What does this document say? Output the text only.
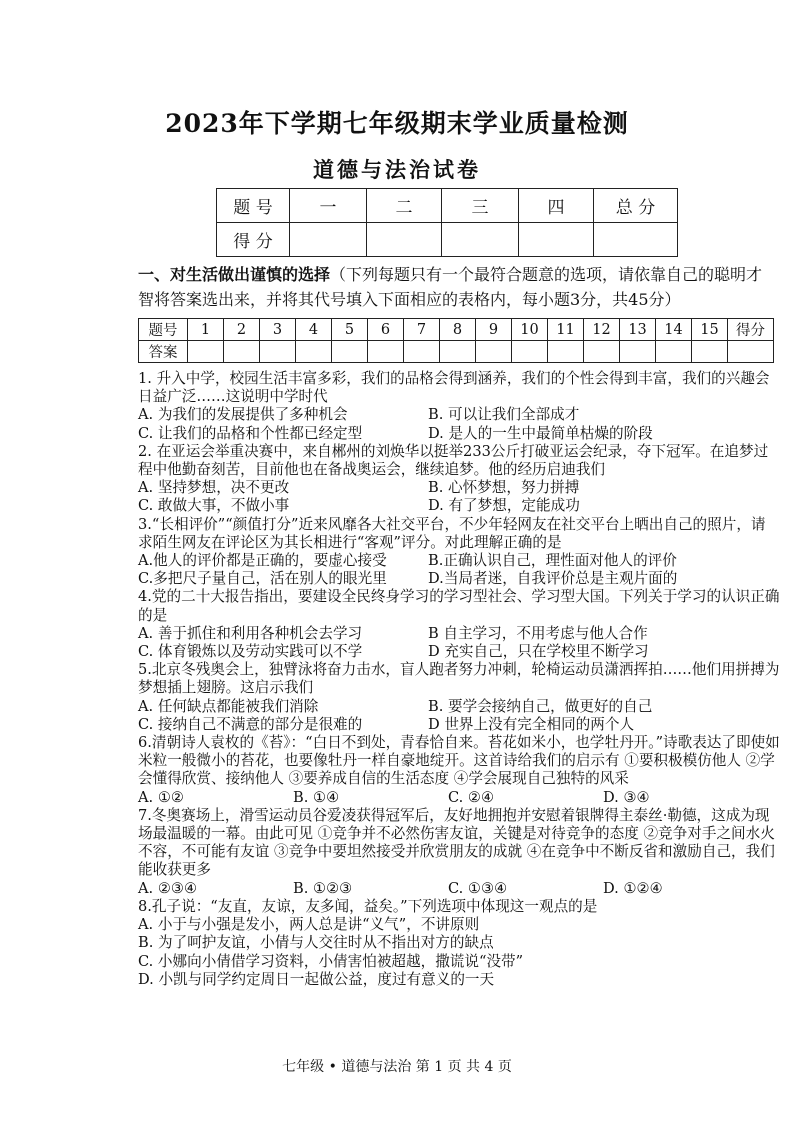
2023年下学期七年级期末学业质量检测
道德与法治试卷
题 号	一	二	三	四	总 分
得 分					
一、对生活做出谨慎的选择（下列每题只有一个最符合题意的选项，请依靠自己的聪明才智将答案选出来，并将其代号填入下面相应的表格内，每小题3分，共45分）
题号	1	2	3	4	5	6	7	8	9	10	11	12	13	14	15	得分
答案																
1. 升入中学，校园生活丰富多彩，我们的品格会得到涵养，我们的个性会得到丰富，我们的兴趣会日益广泛……这说明中学时代
A. 为我们的发展提供了多种机会	B. 可以让我们全部成才
C. 让我们的品格和个性都已经定型	D. 是人的一生中最简单枯燥的阶段
2. 在亚运会举重决赛中，来自郴州的刘焕华以挺举233公斤打破亚运会纪录，夺下冠军。在追梦过程中他勤奋刻苦，目前他也在备战奥运会，继续追梦。他的经历启迪我们
A. 坚持梦想，决不更改	B. 心怀梦想，努力拼搏
C. 敢做大事，不做小事	D. 有了梦想，定能成功
3.“长相评价”“颜值打分”近来风靡各大社交平台，不少年轻网友在社交平台上晒出自己的照片，请求陌生网友在评论区为其长相进行“客观”评分。对此理解正确的是
A.他人的评价都是正确的，要虚心接受	B.正确认识自己，理性面对他人的评价
C.多把尺子量自己，活在别人的眼光里	D.当局者迷，自我评价总是主观片面的
4.党的二十大报告指出，要建设全民终身学习的学习型社会、学习型大国。下列关于学习的认识正确的是
A. 善于抓住和利用各种机会去学习	B 自主学习，不用考虑与他人合作
C. 体育锻炼以及劳动实践可以不学	D 充实自己，只在学校里不断学习
5.北京冬残奥会上，独臂泳将奋力击水，盲人跑者努力冲刺，轮椅运动员潇洒挥拍……他们用拼搏为梦想插上翅膀。这启示我们
A. 任何缺点都能被我们消除	B. 要学会接纳自己，做更好的自己
C. 接纳自己不满意的部分是很难的	D 世界上没有完全相同的两个人
6.清朝诗人袁枚的《苔》：“白日不到处，青春恰自来。苔花如米小，也学牡丹开。”诗歌表达了即使如米粒一般微小的苔花，也要像牡丹一样自豪地绽开。这首诗给我们的启示有 ①要积极模仿他人 ②学会懂得欣赏、接纳他人 ③要养成自信的生活态度 ④学会展现自己独特的风采
A. ①②	B. ①④	C. ②④	D. ③④
7.冬奥赛场上，滑雪运动员谷爱凌获得冠军后，友好地拥抱并安慰着银牌得主泰丝·勒德，这成为现场最温暖的一幕。由此可见 ①竞争并不必然伤害友谊，关键是对待竞争的态度 ②竞争对手之间水火不容，不可能有友谊 ③竞争中要坦然接受并欣赏朋友的成就 ④在竞争中不断反省和激励自己，我们能收获更多
A. ②③④	B. ①②③	C. ①③④	D. ①②④
8.孔子说：“友直，友谅，友多闻，益矣。”下列选项中体现这一观点的是
A. 小于与小强是发小，两人总是讲“义气”，不讲原则
B. 为了呵护友谊，小倩与人交往时从不指出对方的缺点
C. 小娜向小倩借学习资料，小倩害怕被超越，撒谎说“没带”
D. 小凯与同学约定周日一起做公益，度过有意义的一天
七年级 • 道德与法治 第 1 页 共 4 页
